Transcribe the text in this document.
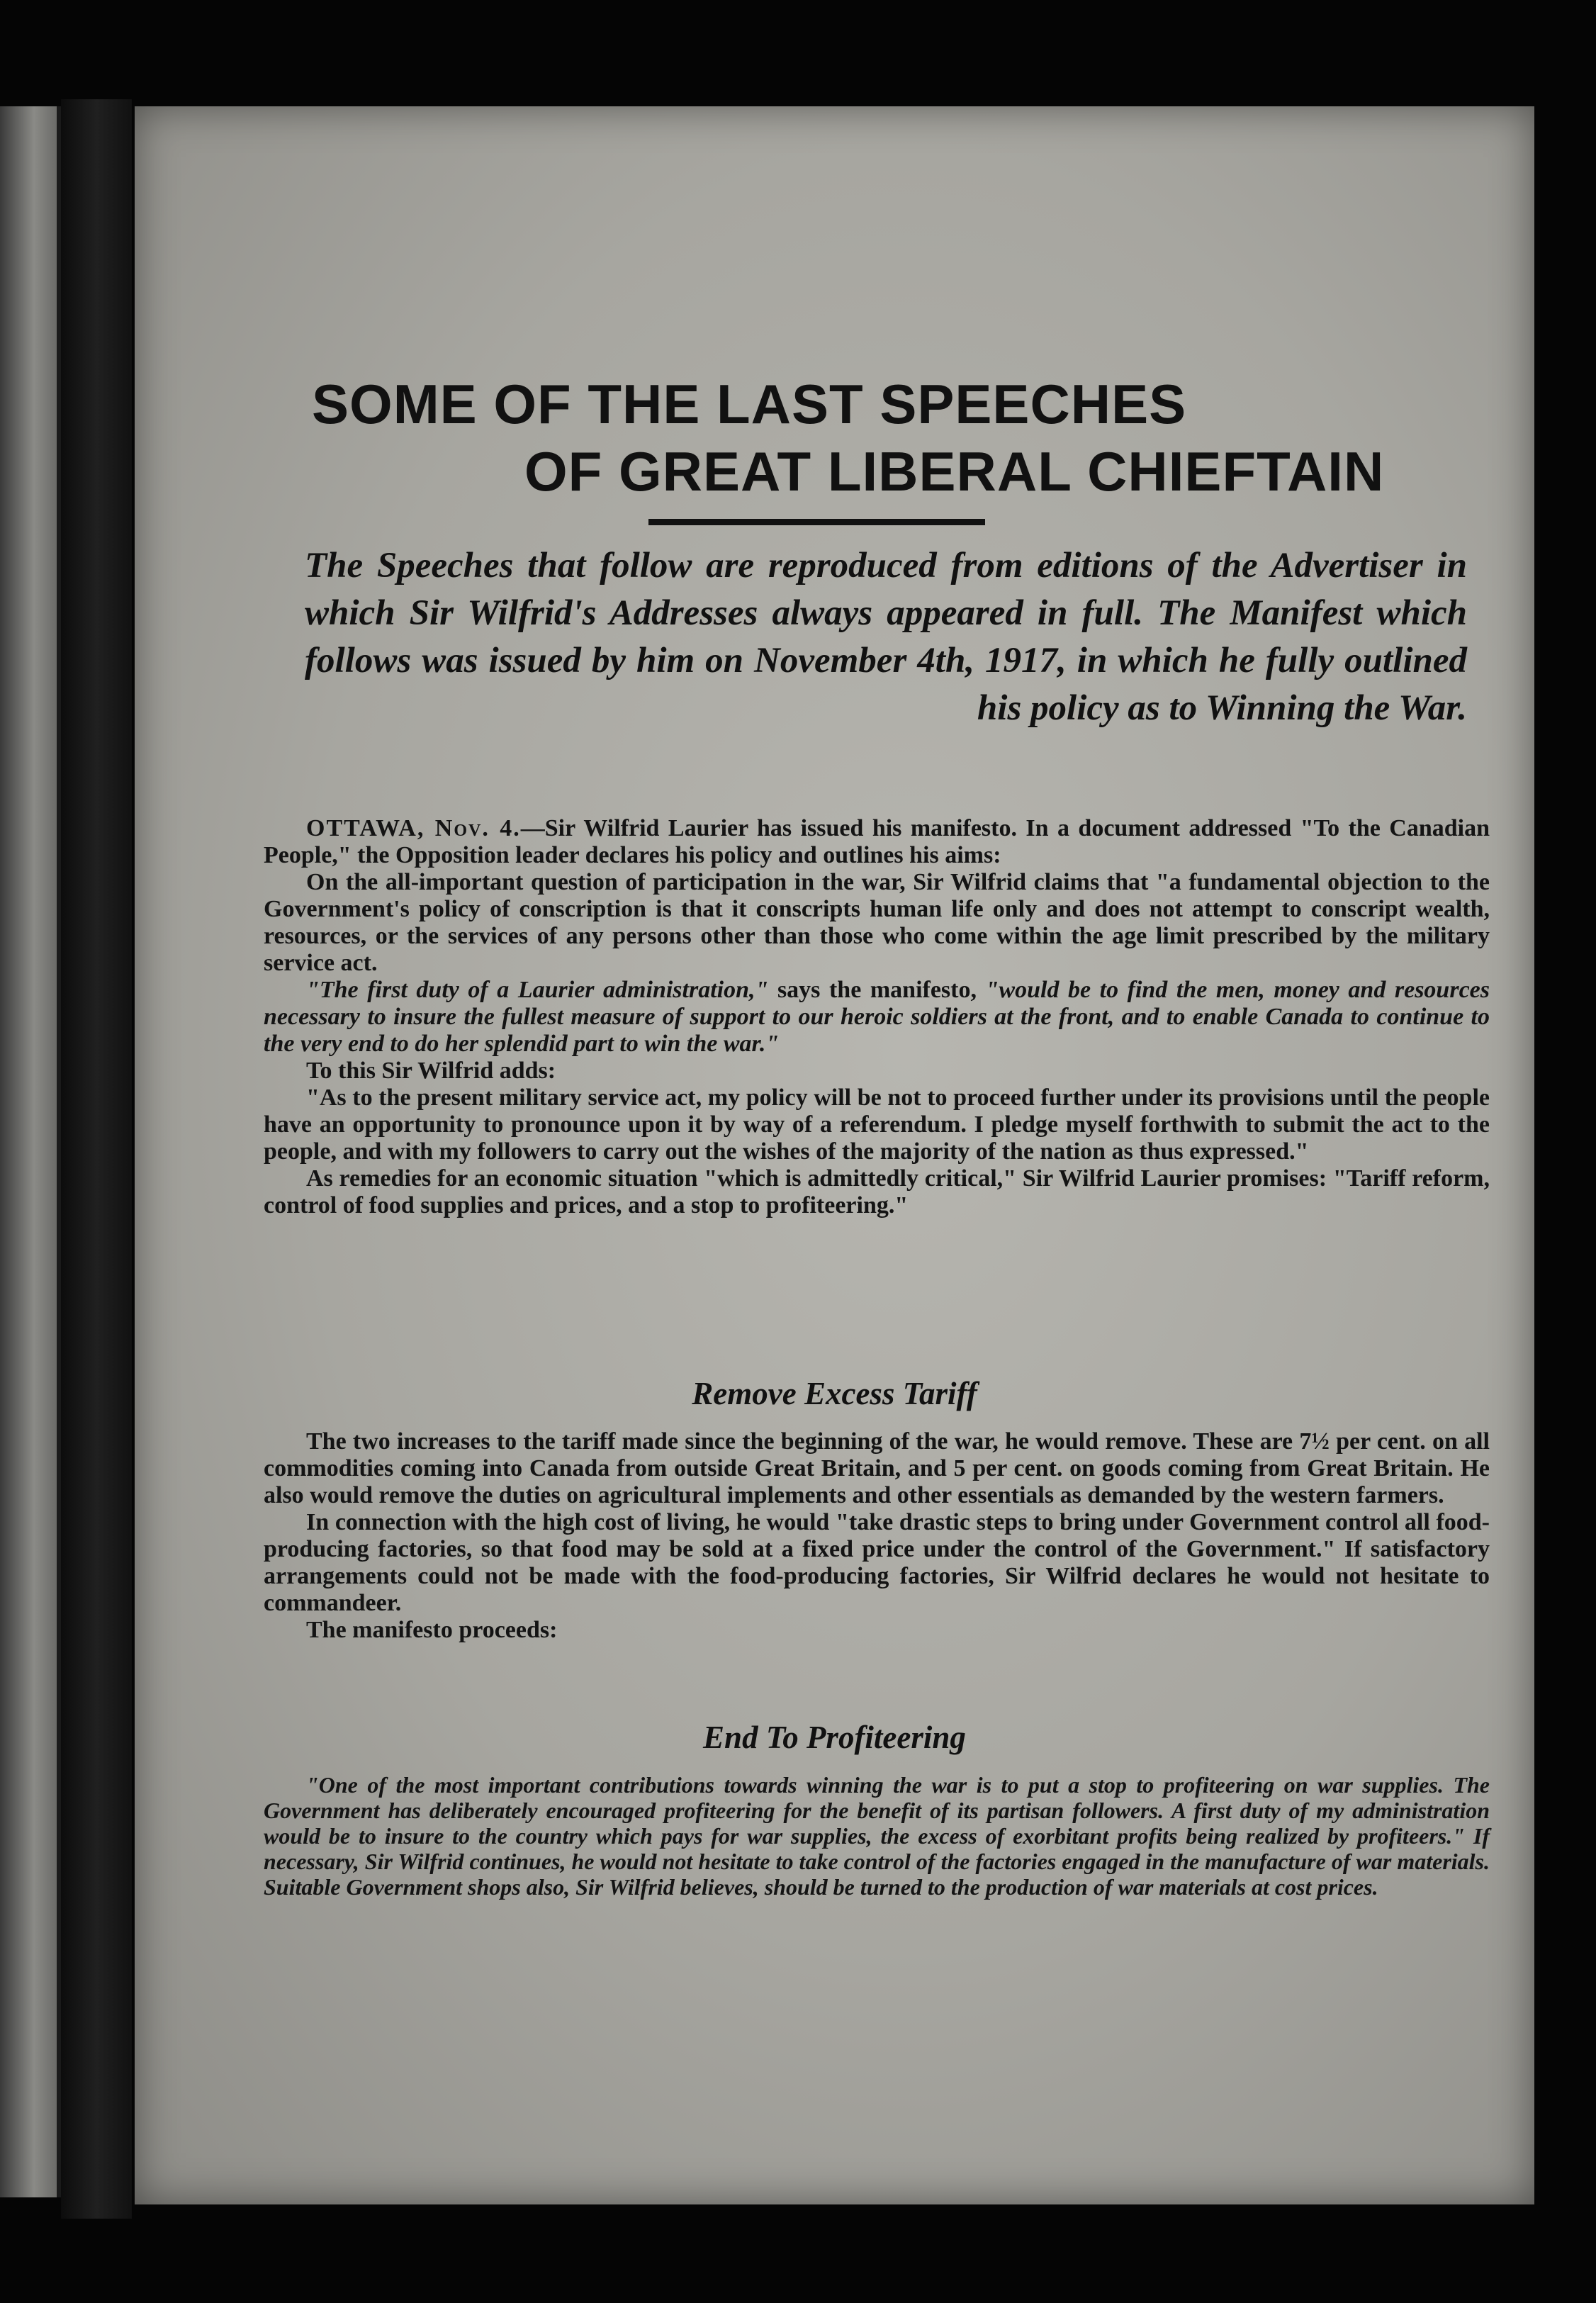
SOME OF THE LAST SPEECHES
OF GREAT LIBERAL CHIEFTAIN

The Speeches that follow are reproduced from editions of the Advertiser in which Sir Wilfrid's Addresses always appeared in full. The Manifest which follows was issued by him on November 4th, 1917, in which he fully outlined his policy as to Winning the War.

OTTAWA, Nov. 4.—Sir Wilfrid Laurier has issued his manifesto. In a document addressed "To the Canadian People," the Opposition leader declares his policy and outlines his aims:

On the all-important question of participation in the war, Sir Wilfrid claims that "a fundamental objection to the Government's policy of conscription is that it conscripts human life only and does not attempt to conscript wealth, resources, or the services of any persons other than those who come within the age limit prescribed by the military service act.

"The first duty of a Laurier administration," says the manifesto, "would be to find the men, money and resources necessary to insure the fullest measure of support to our heroic soldiers at the front, and to enable Canada to continue to the very end to do her splendid part to win the war."

To this Sir Wilfrid adds:

"As to the present military service act, my policy will be not to proceed further under its provisions until the people have an opportunity to pronounce upon it by way of a referendum. I pledge myself forthwith to submit the act to the people, and with my followers to carry out the wishes of the majority of the nation as thus expressed."

As remedies for an economic situation "which is admittedly critical," Sir Wilfrid Laurier promises: "Tariff reform, control of food supplies and prices, and a stop to profiteering."

Remove Excess Tariff

The two increases to the tariff made since the beginning of the war, he would remove. These are 7½ per cent. on all commodities coming into Canada from outside Great Britain, and 5 per cent. on goods coming from Great Britain. He also would remove the duties on agricultural implements and other essentials as demanded by the western farmers.

In connection with the high cost of living, he would "take drastic steps to bring under Government control all food-producing factories, so that food may be sold at a fixed price under the control of the Government." If satisfactory arrangements could not be made with the food-producing factories, Sir Wilfrid declares he would not hesitate to commandeer.

The manifesto proceeds:

End To Profiteering

"One of the most important contributions towards winning the war is to put a stop to profiteering on war supplies. The Government has deliberately encouraged profiteering for the benefit of its partisan followers. A first duty of my administration would be to insure to the country which pays for war supplies, the excess of exorbitant profits being realized by profiteers." If necessary, Sir Wilfrid continues, he would not hesitate to take control of the factories engaged in the manufacture of war materials. Suitable Government shops also, Sir Wilfrid believes, should be turned to the production of war materials at cost prices.
